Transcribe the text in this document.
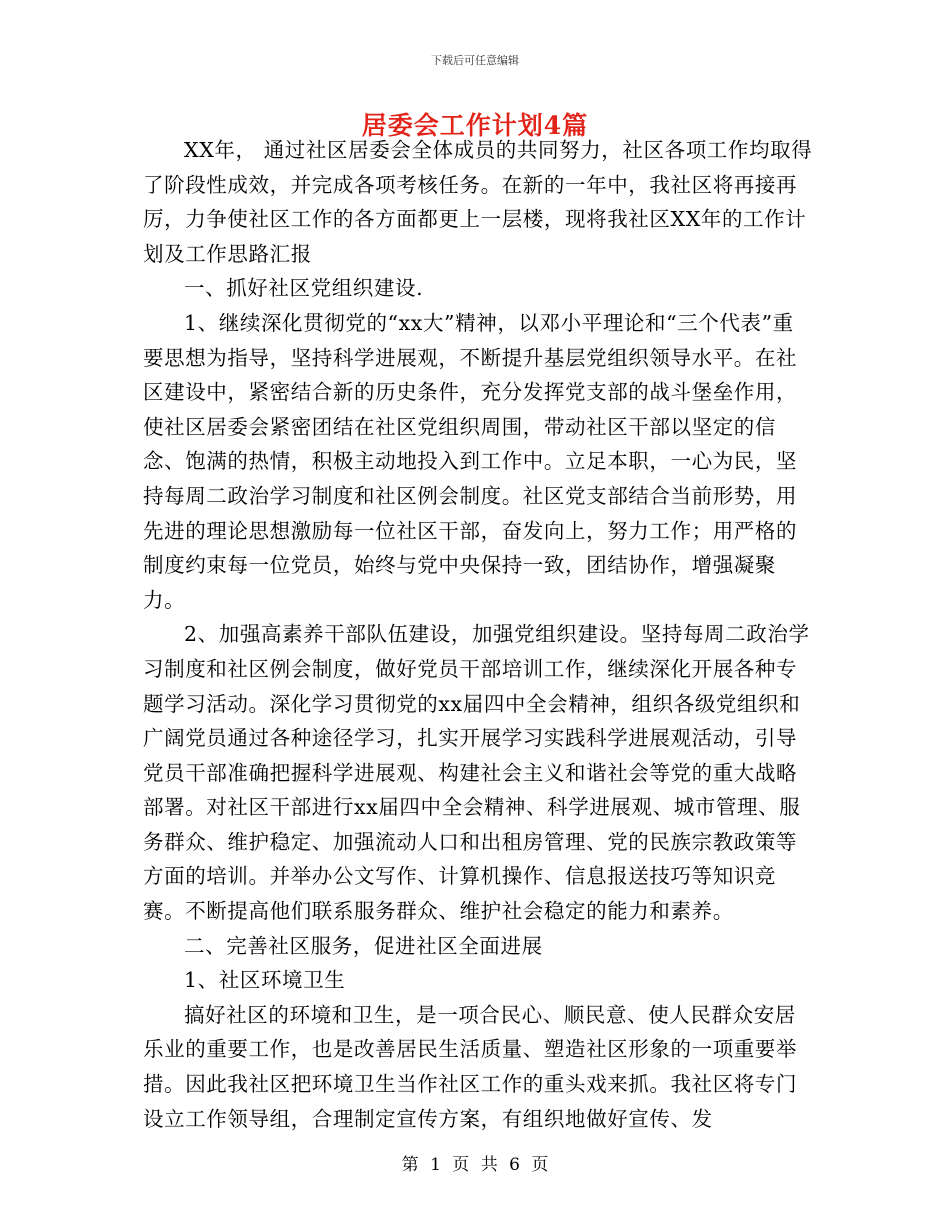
下载后可任意编辑
居委会工作计划4篇

XX年， 通过社区居委会全体成员的共同努力，社区各项工作均取得了阶段性成效，并完成各项考核任务。在新的一年中，我社区将再接再厉，力争使社区工作的各方面都更上一层楼，现将我社区XX年的工作计划及工作思路汇报

一、抓好社区党组织建设.

1、继续深化贯彻党的“xx大”精神，以邓小平理论和“三个代表”重要思想为指导，坚持科学进展观，不断提升基层党组织领导水平。在社区建设中，紧密结合新的历史条件，充分发挥党支部的战斗堡垒作用，使社区居委会紧密团结在社区党组织周围，带动社区干部以坚定的信念、饱满的热情，积极主动地投入到工作中。立足本职，一心为民，坚持每周二政治学习制度和社区例会制度。社区党支部结合当前形势，用先进的理论思想激励每一位社区干部，奋发向上，努力工作；用严格的制度约束每一位党员，始终与党中央保持一致，团结协作，增强凝聚力。

2、加强高素养干部队伍建设，加强党组织建设。坚持每周二政治学习制度和社区例会制度，做好党员干部培训工作，继续深化开展各种专题学习活动。深化学习贯彻党的xx届四中全会精神，组织各级党组织和广阔党员通过各种途径学习，扎实开展学习实践科学进展观活动，引导党员干部准确把握科学进展观、构建社会主义和谐社会等党的重大战略部署。对社区干部进行xx届四中全会精神、科学进展观、城市管理、服务群众、维护稳定、加强流动人口和出租房管理、党的民族宗教政策等方面的培训。并举办公文写作、计算机操作、信息报送技巧等知识竞赛。不断提高他们联系服务群众、维护社会稳定的能力和素养。

二、完善社区服务，促进社区全面进展

1、社区环境卫生

搞好社区的环境和卫生，是一项合民心、顺民意、使人民群众安居乐业的重要工作，也是改善居民生活质量、塑造社区形象的一项重要举措。因此我社区把环境卫生当作社区工作的重头戏来抓。我社区将专门设立工作领导组，合理制定宣传方案，有组织地做好宣传、发

第 1 页 共 6 页
